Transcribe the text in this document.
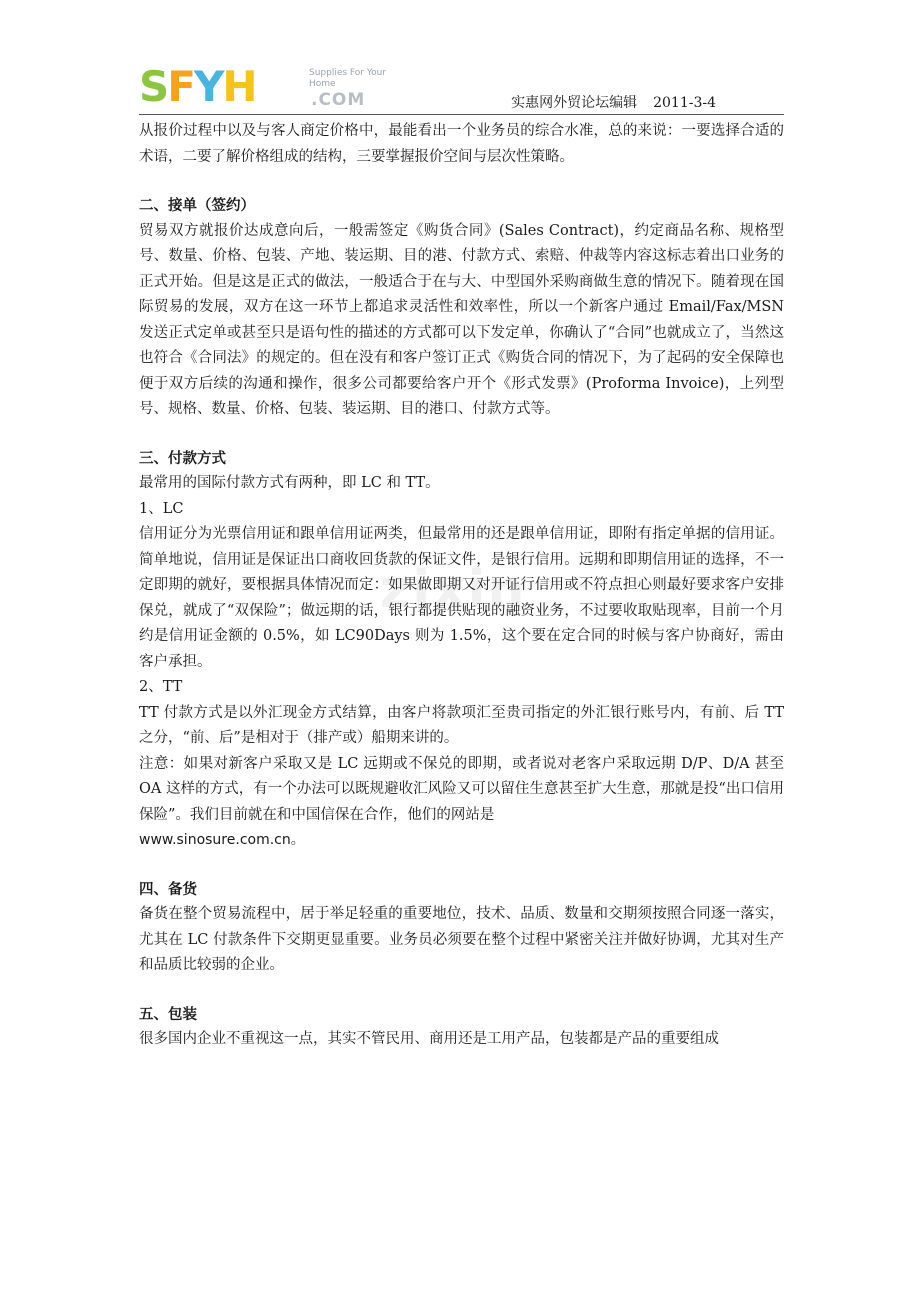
SFYH	Supplies For Your Home
.COM	实惠网外贸论坛编辑 2011-3-4
zixin

从报价过程中以及与客人商定价格中，最能看出一个业务员的综合水准，总的来说：一要选择合适的术语，二要了解价格组成的结构，三要掌握报价空间与层次性策略。

二、接单（签约）

贸易双方就报价达成意向后，一般需签定《购货合同》(Sales Contract)，约定商品名称、规格型号、数量、价格、包装、产地、装运期、目的港、付款方式、索赔、仲裁等内容这标志着出口业务的正式开始。但是这是正式的做法，一般适合于在与大、中型国外采购商做生意的情况下。随着现在国际贸易的发展，双方在这一环节上都追求灵活性和效率性，所以一个新客户通过 Email/Fax/MSN 发送正式定单或甚至只是语句性的描述的方式都可以下发定单，你确认了“合同”也就成立了，当然这也符合《合同法》的规定的。但在没有和客户签订正式《购货合同的情况下，为了起码的安全保障也便于双方后续的沟通和操作，很多公司都要给客户开个《形式发票》(Proforma Invoice)，上列型号、规格、数量、价格、包装、装运期、目的港口、付款方式等。

三、付款方式

最常用的国际付款方式有两种，即 LC 和 TT。

1、LC

信用证分为光票信用证和跟单信用证两类，但最常用的还是跟单信用证，即附有指定单据的信用证。简单地说，信用证是保证出口商收回货款的保证文件，是银行信用。远期和即期信用证的选择，不一定即期的就好，要根据具体情况而定：如果做即期又对开证行信用或不符点担心则最好要求客户安排保兑，就成了“双保险”；做远期的话，银行都提供贴现的融资业务，不过要收取贴现率，目前一个月约是信用证金额的 0.5%，如 LC90Days 则为 1.5%，这个要在定合同的时候与客户协商好，需由客户承担。

2、TT

TT 付款方式是以外汇现金方式结算，由客户将款项汇至贵司指定的外汇银行账号内，有前、后 TT 之分，“前、后”是相对于（排产或）船期来讲的。

注意：如果对新客户采取又是 LC 远期或不保兑的即期，或者说对老客户采取远期 D/P、D/A 甚至 OA 这样的方式，有一个办法可以既规避收汇风险又可以留住生意甚至扩大生意，那就是投“出口信用保险”。我们目前就在和中国信保在合作，他们的网站是

www.sinosure.com.cn。

四、备货

备货在整个贸易流程中，居于举足轻重的重要地位，技术、品质、数量和交期须按照合同逐一落实，尤其在 LC 付款条件下交期更显重要。业务员必须要在整个过程中紧密关注并做好协调，尤其对生产和品质比较弱的企业。

五、包装

很多国内企业不重视这一点，其实不管民用、商用还是工用产品，包装都是产品的重要组成
